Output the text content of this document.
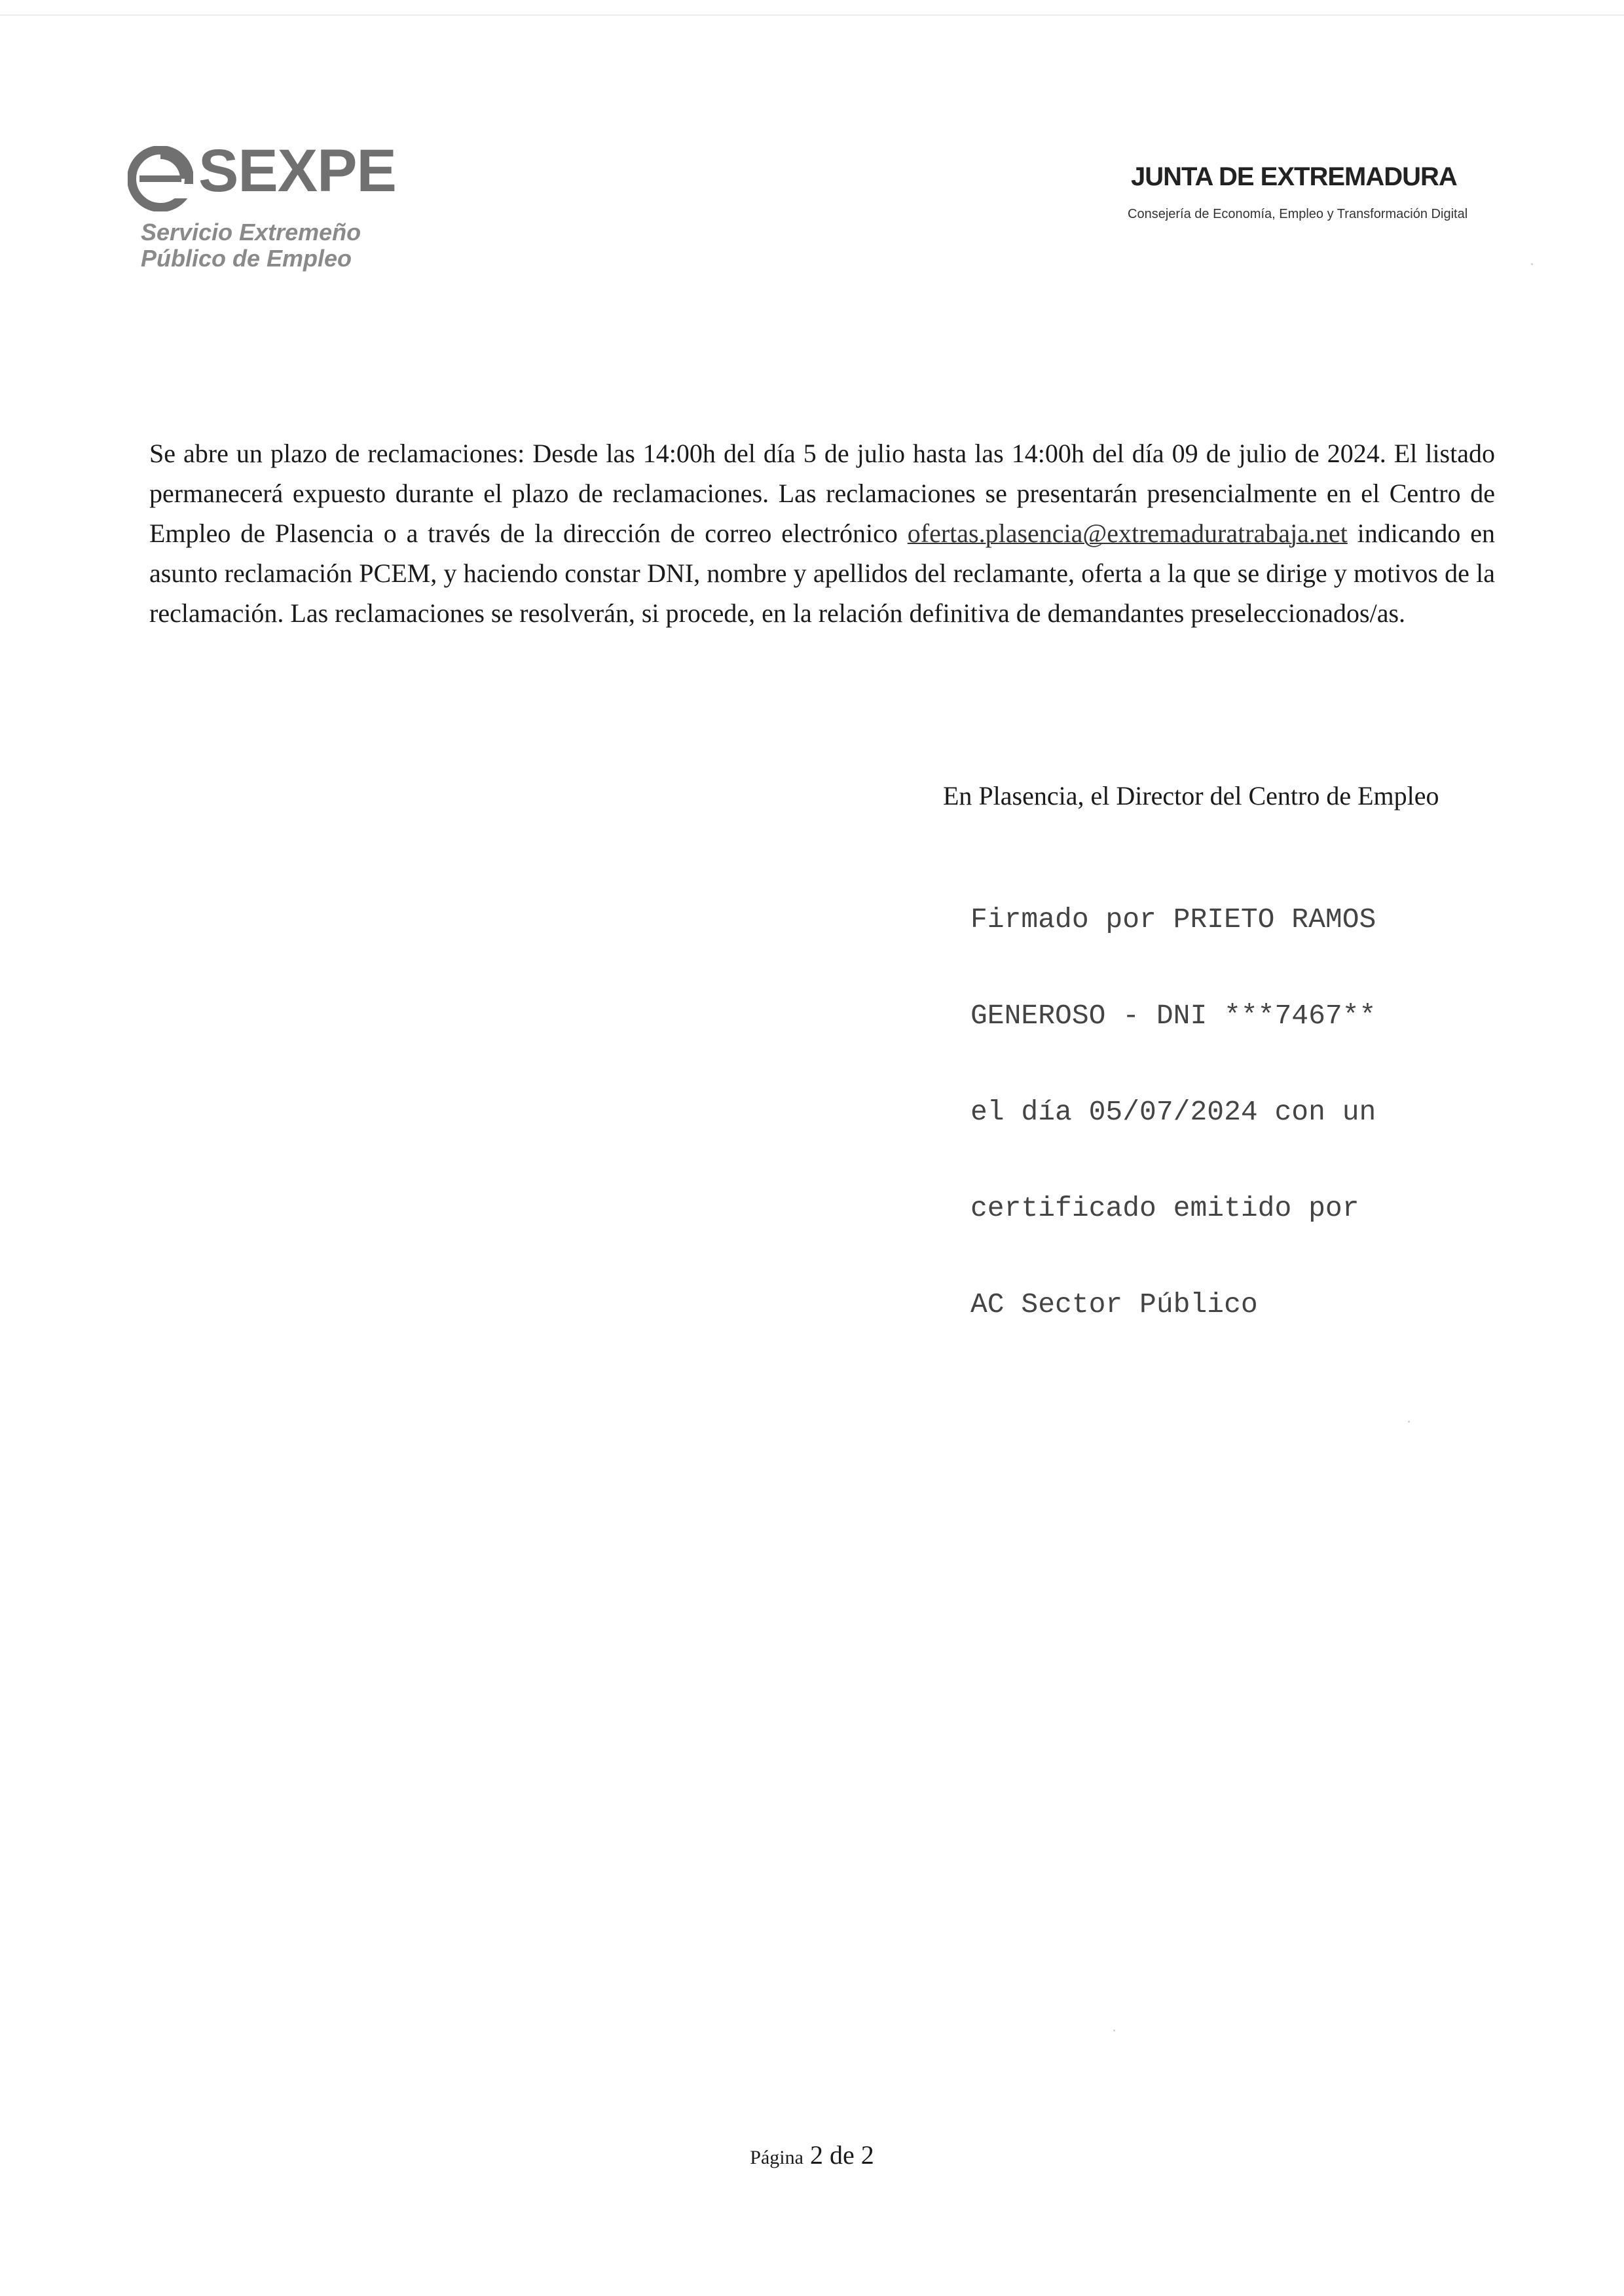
SEXPE
Servicio Extremeño
Público de Empleo
JUNTA DE EXTREMADURA
Consejería de Economía, Empleo y Transformación Digital
Se abre un plazo de reclamaciones: Desde las 14:00h del día 5 de julio hasta las 14:00h del día 09 de julio de 2024. El listado permanecerá expuesto durante el plazo de reclamaciones. Las reclamaciones se presentarán presencialmente en el Centro de Empleo de Plasencia o a través de la dirección de correo electrónico ofertas.plasencia@extremaduratrabaja.net indicando en asunto reclamación PCEM, y haciendo constar DNI, nombre y apellidos del reclamante, oferta a la que se dirige y motivos de la reclamación. Las reclamaciones se resolverán, si procede, en la relación definitiva de demandantes preseleccionados/as.
En Plasencia, el Director del Centro de Empleo

Firmado por PRIETO RAMOS

GENEROSO - DNI ***7467**

el día 05/07/2024 con un

certificado emitido por

AC Sector Público

Página 2 de 2
